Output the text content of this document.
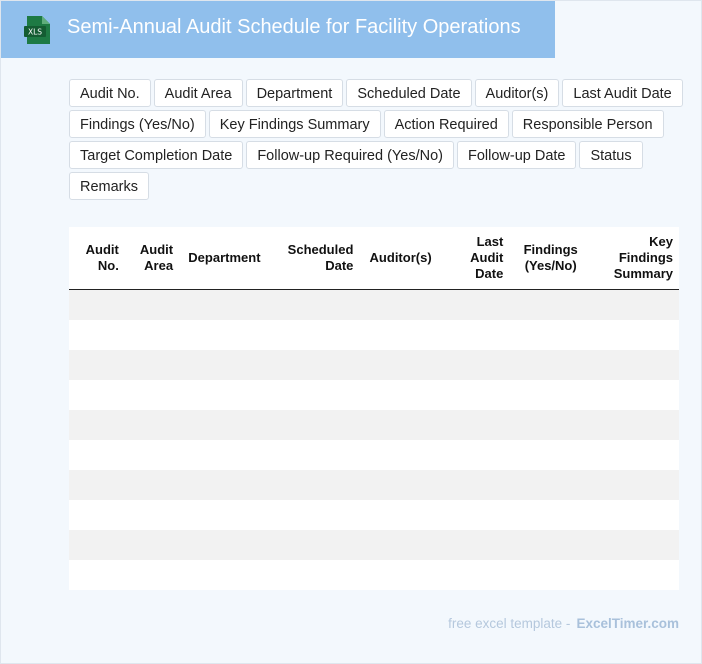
XLS Semi-Annual Audit Schedule for Facility Operations
Audit No.	Audit Area	Department	Scheduled Date	Auditor(s)	Last Audit Date
Findings (Yes/No)	Key Findings Summary	Action Required	Responsible Person
Target Completion Date	Follow-up Required (Yes/No)	Follow-up Date	Status
Remarks
Audit No.	Audit Area	Department	Scheduled Date	Auditor(s)	Last Audit Date	Findings (Yes/No)	Key Findings Summary

free excel template - ExcelTimer.com
